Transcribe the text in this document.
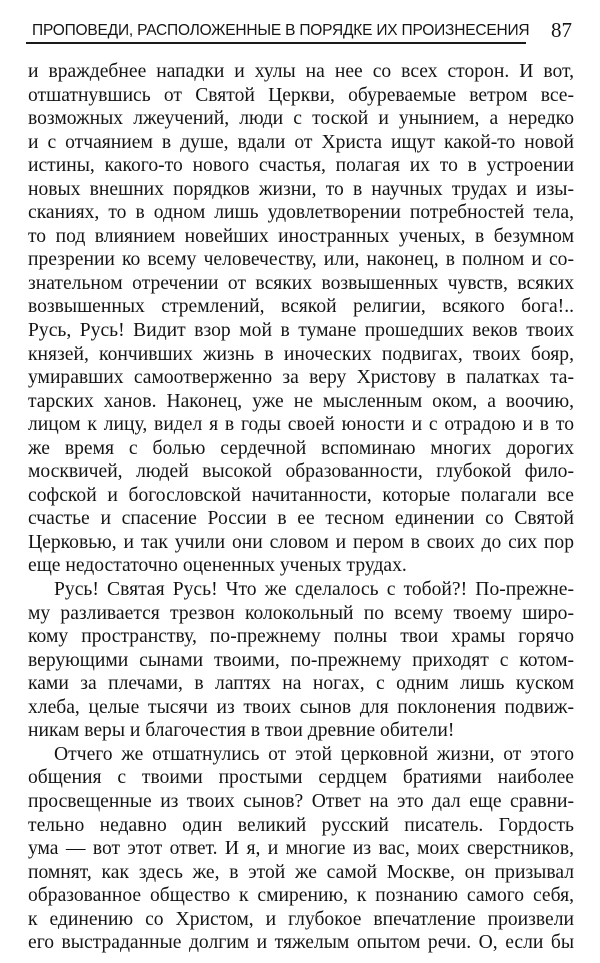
ПРОПОВЕДИ, РАСПОЛОЖЕННЫЕ В ПОРЯДКЕ ИХ ПРОИЗНЕСЕНИЯ 87
и враждебнее нападки и хулы на нее со всех сторон. И вот,
отшатнувшись от Святой Церкви, обуреваемые ветром все-
возможных лжеучений, люди с тоской и унынием, а нередко
и с отчаянием в душе, вдали от Христа ищут какой-то новой
истины, какого-то нового счастья, полагая их то в устроении
новых внешних порядков жизни, то в научных трудах и изы-
сканиях, то в одном лишь удовлетворении потребностей тела,
то под влиянием новейших иностранных ученых, в безумном
презрении ко всему человечеству, или, наконец, в полном и со-
знательном отречении от всяких возвышенных чувств, всяких
возвышенных стремлений, всякой религии, всякого бога!..
Русь, Русь! Видит взор мой в тумане прошедших веков твоих
князей, кончивших жизнь в иноческих подвигах, твоих бояр,
умиравших самоотверженно за веру Христову в палатках та-
тарских ханов. Наконец, уже не мысленным оком, а воочию,
лицом к лицу, видел я в годы своей юности и с отрадою и в то
же время с болью сердечной вспоминаю многих дорогих
москвичей, людей высокой образованности, глубокой фило-
софской и богословской начитанности, которые полагали все
счастье и спасение России в ее тесном единении со Святой
Церковью, и так учили они словом и пером в своих до сих пор
еще недостаточно оцененных ученых трудах.
Русь! Святая Русь! Что же сделалось с тобой?! По-прежне-
му разливается трезвон колокольный по всему твоему широ-
кому пространству, по-прежнему полны твои храмы горячо
верующими сынами твоими, по-прежнему приходят с котом-
ками за плечами, в лаптях на ногах, с одним лишь куском
хлеба, целые тысячи из твоих сынов для поклонения подвиж-
никам веры и благочестия в твои древние обители!
Отчего же отшатнулись от этой церковной жизни, от этого
общения с твоими простыми сердцем братиями наиболее
просвещенные из твоих сынов? Ответ на это дал еще сравни-
тельно недавно один великий русский писатель. Гордость
ума — вот этот ответ. И я, и многие из вас, моих сверстников,
помнят, как здесь же, в этой же самой Москве, он призывал
образованное общество к смирению, к познанию самого себя,
к единению со Христом, и глубокое впечатление произвели
его выстраданные долгим и тяжелым опытом речи. О, если бы
